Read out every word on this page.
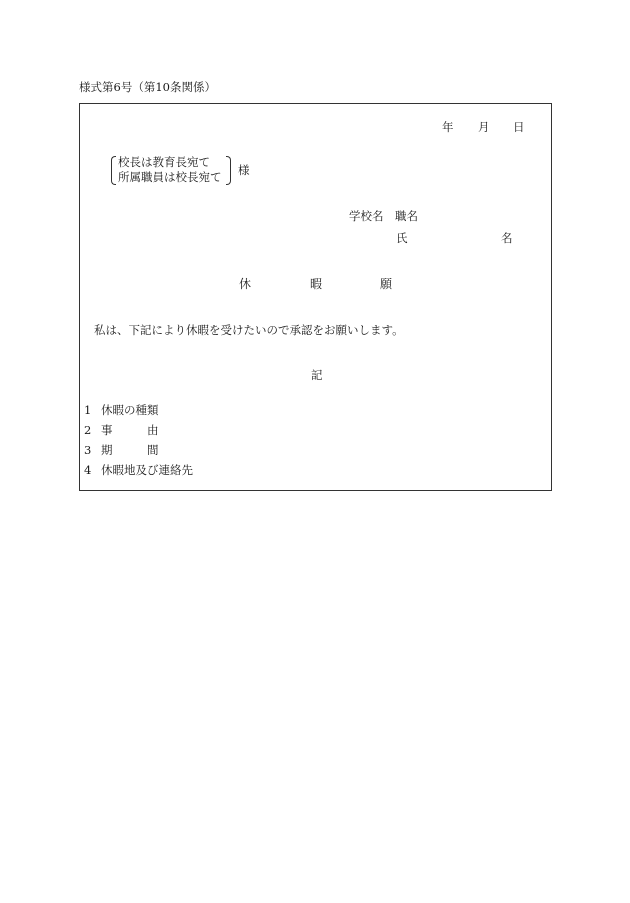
様式第6号（第10条関係）
年 月 日
校長は教育長宛て
所属職員は校長宛て 様
学校名　職名
氏	名
休	暇	願
私は、下記により休暇を受けたいので承認をお願いします。
記
1 休暇の種類
2 事　　　由
3 期　　　間
4 休暇地及び連絡先
